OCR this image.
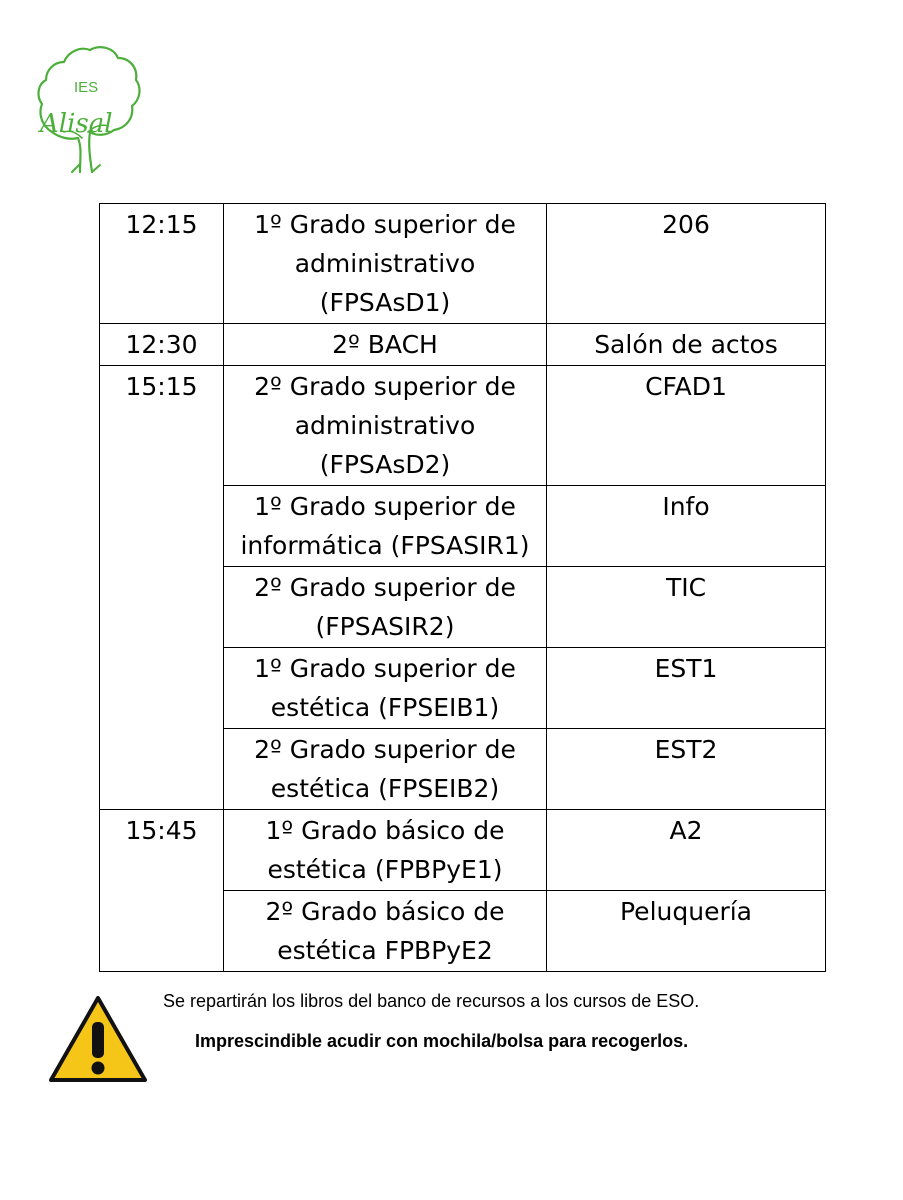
IES
Alisal
12:15	1º Grado superior de
administrativo
(FPSAsD1)	206
12:30	2º BACH	Salón de actos
15:15	2º Grado superior de
administrativo
(FPSAsD2)	CFAD1

	1º Grado superior de
informática (FPSASIR1)	Info

	2º Grado superior de
(FPSASIR2)	TIC

	1º Grado superior de
estética (FPSEIB1)	EST1

	2º Grado superior de
estética (FPSEIB2)	EST2
15:45	1º Grado básico de
estética (FPBPyE1)	A2

	2º Grado básico de
estética FPBPyE2	Peluquería
Se repartirán los libros del banco de recursos a los cursos de ESO.
Imprescindible acudir con mochila/bolsa para recogerlos.
